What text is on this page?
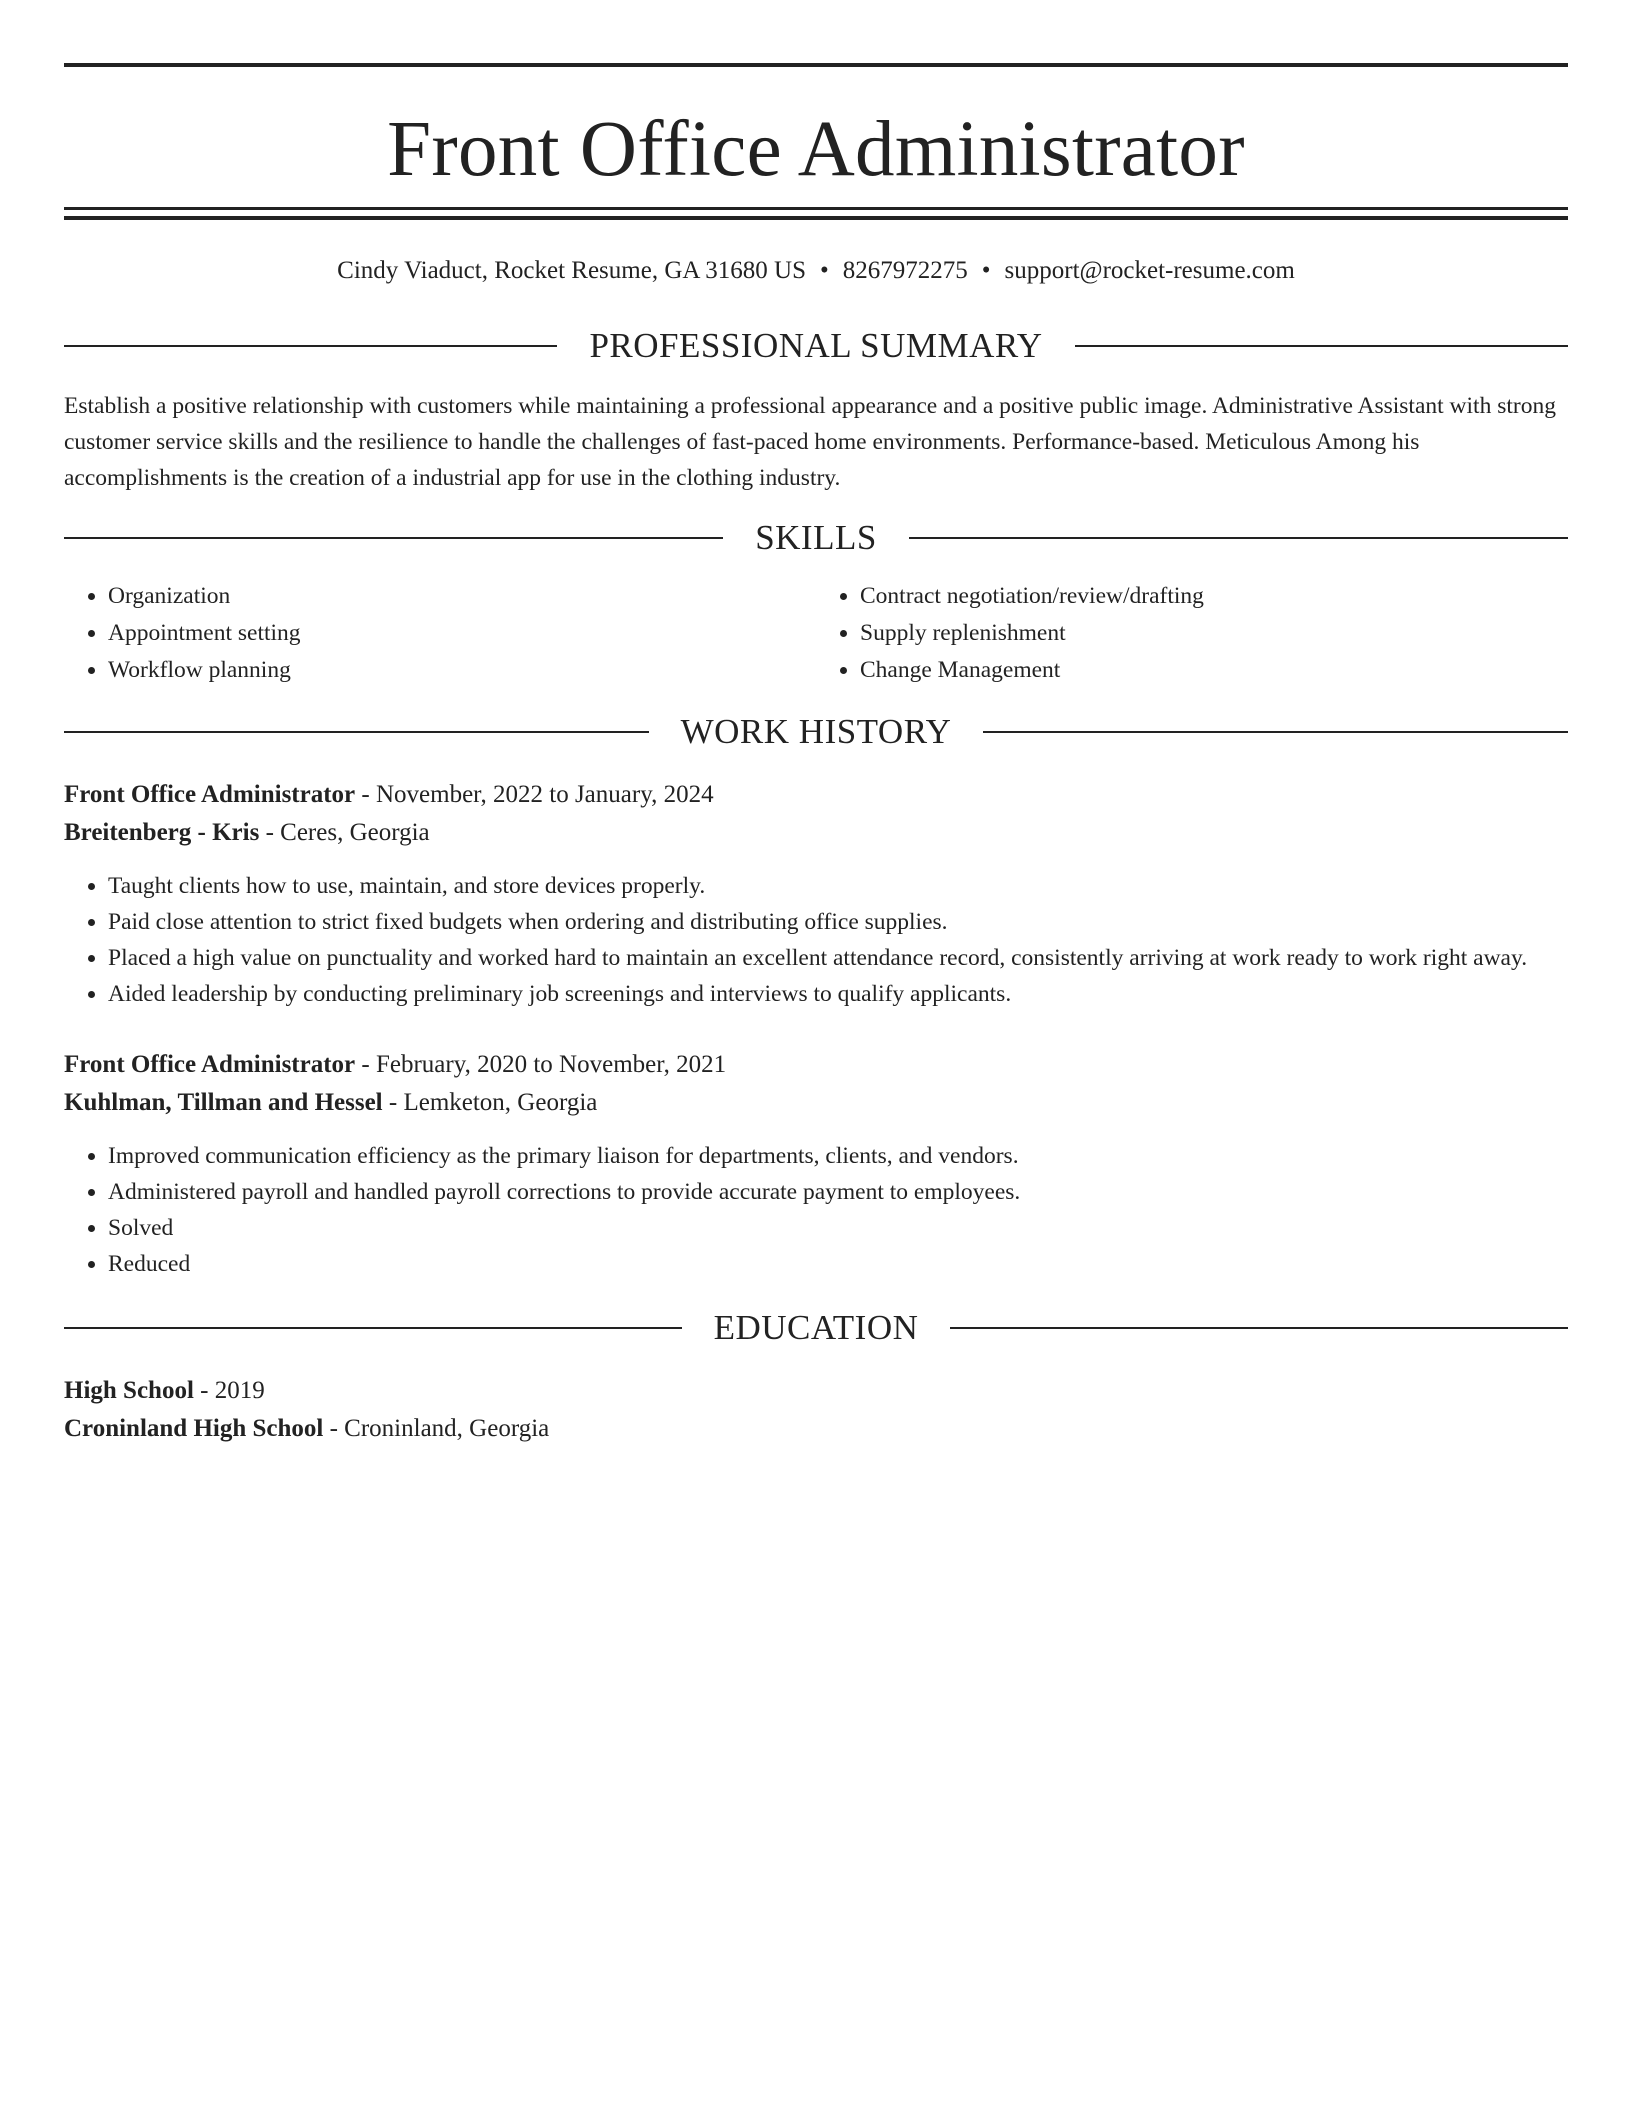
Front Office Administrator
Cindy Viaduct, Rocket Resume, GA 31680 US • 8267972275 • support@rocket-resume.com
PROFESSIONAL SUMMARY

Establish a positive relationship with customers while maintaining a professional appearance and a positive public image. Administrative Assistant with strong customer service skills and the resilience to handle the challenges of fast-paced home environments. Performance-based. Meticulous Among his accomplishments is the creation of a industrial app for use in the clothing industry.

SKILLS
• Organization
• Appointment setting
• Workflow planning
• Contract negotiation/review/drafting
• Supply replenishment
• Change Management
WORK HISTORY
Front Office Administrator - November, 2022 to January, 2024
Breitenberg - Kris - Ceres, Georgia
• Taught clients how to use, maintain, and store devices properly.
• Paid close attention to strict fixed budgets when ordering and distributing office supplies.
• Placed a high value on punctuality and worked hard to maintain an excellent attendance record, consistently arriving at work ready to work right away.
• Aided leadership by conducting preliminary job screenings and interviews to qualify applicants.
Front Office Administrator - February, 2020 to November, 2021
Kuhlman, Tillman and Hessel - Lemketon, Georgia
• Improved communication efficiency as the primary liaison for departments, clients, and vendors.
• Administered payroll and handled payroll corrections to provide accurate payment to employees.
• Solved
• Reduced
EDUCATION
High School - 2019
Croninland High School - Croninland, Georgia
